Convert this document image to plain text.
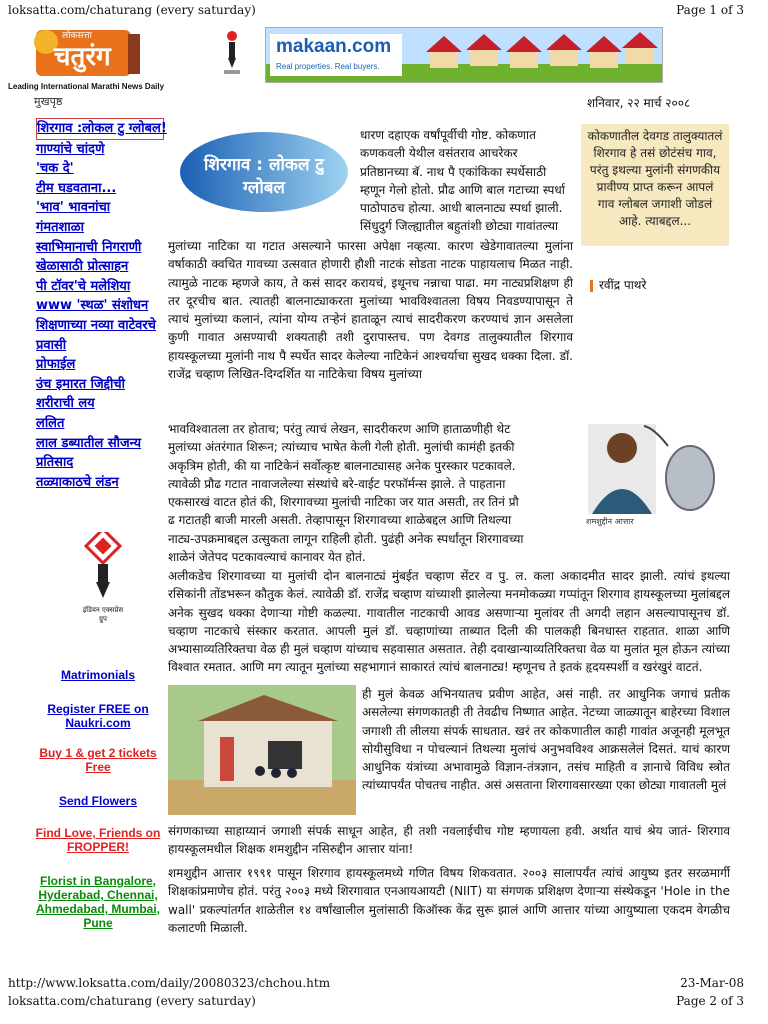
loksatta.com/chaturang (every saturday)	Page 1 of 3
लोकसत्ता
चतुरंग
Leading International Marathi News Daily
मुखपृष्ठ
makaan.com
Real properties. Real buyers.
शनिवार, २२ मार्च २००८
शिरगाव :लोकल टु ग्लोबल!
गाण्यांचे चांदणे
'चक दे'
टीम घडवताना...
'भाव' भावनांचा
गंमतशाळा
स्वाभिमानाची निगराणी
खेळासाठी प्रोत्साहन
पी टॉवर'चे मलेशिया
www 'स्थळ' संशोधन
शिक्षणाच्या नव्या वाटेवरचे
प्रवासी
प्रोफाईल
उंच इमारत जिद्दीची
शरीराची लय
ललित
लाल डब्यातील सौजन्य
प्रतिसाद
तळ्याकाठचे लंडन
इंडियन एक्सप्रेस ग्रुप
Matrimonials
Register FREE on Naukri.com
Buy 1 & get 2 tickets Free
Send Flowers
Find Love, Friends on FROPPER!
Florist in Bangalore, Hyderabad, Chennai, Ahmedabad, Mumbai, Pune
शिरगाव : लोकल टु ग्लोबल
कोकणातील देवगड तालुक्यातलं शिरगाव हे तसं छोटंसंच गाव, परंतु इथल्या मुलांनी संगणकीय प्रावीण्य प्राप्त करून आपलं गाव ग्लोबल जगाशी जोडलं आहे. त्याबद्दल...
रवींद्र पाथरे
धारण दहाएक वर्षांपूर्वीची गोष्ट. कोकणात
कणकवली येथील वसंतराव आचरेकर
प्रतिष्ठानच्या बॅ. नाथ पै एकांकिका स्पर्धेसाठी
म्हणून गेलो होतो. प्रौढ आणि बाल गटाच्या स्पर्धा
पाठोपाठच होत्या. आधी बालनाट्य स्पर्धा झाली.
सिंधुदुर्ग जिल्ह्यातील बहुतांशी छोट्या गावांतल्या
मुलांच्या नाटिका या गटात असल्याने फारसा अपेक्षा नव्हत्या. कारण खेडेगावातल्या मुलांना वर्षाकाठी क्वचित गावच्या उत्सवात होणारी हौशी नाटकं सोडता नाटक पाहायलाच मिळत नाही. त्यामुळे नाटक म्हणजे काय, ते कसं सादर करायचं, इथूनच नन्नाचा पाढा. मग नाट्यप्रशिक्षण ही तर दूरचीच बात. त्यातही बालनाट्याकरता मुलांच्या भावविश्वातला विषय निवडण्यापासून ते त्याचं मुलांच्या कलानं, त्यांना योग्य तऱ्हेनं हाताळून त्याचं सादरीकरण करण्याचं ज्ञान असलेला कुणी गावात असण्याची शक्यताही तशी दुरापास्तच. पण देवगड तालुक्यातील शिरगाव हायस्कूलच्या मुलांनी नाथ पै स्पर्धेत सादर केलेल्या नाटिकेनं आश्चर्याचा सुखद धक्का दिला. डॉ. राजेंद्र चव्हाण लिखित-दिग्दर्शित या नाटिकेचा विषय मुलांच्या
शमशुद्दीन आत्तार
भावविश्वातला तर होताच; परंतु त्याचं लेखन, सादरीकरण आणि हाताळणीही थेट
मुलांच्या अंतरंगात शिरून; त्यांच्याच भाषेत केली गेली होती. मुलांची कामंही इतकी
अकृत्रिम होती, की या नाटिकेनं सर्वोत्कृष्ट बालनाट्यासह अनेक पुरस्कार पटकावले.
त्यावेळी प्रौढ गटात नावाजलेल्या संस्थांचे बरे-वाईट परफॉर्मन्स झाले. ते पाहताना
एकसारखं वाटत होतं की, शिरगावच्या मुलांची नाटिका जर यात असती, तर तिनं प्रौ
ढ गटातही बाजी मारली असती. तेव्हापासून शिरगावच्या शाळेबद्दल आणि तिथल्या
नाट्य-उपक्रमाबद्दल उत्सुकता लागून राहिली होती. पुढंही अनेक स्पर्धांतून शिरगावच्या
शाळेनं जेतेपद पटकावल्याचं कानावर येत होतं.
अलीकडेच शिरगावच्या या मुलांची दोन बालनाट्यं मुंबईत चव्हाण सेंटर व पु. ल. कला अकादमीत सादर झाली. त्यांचं इथल्या रसिकांनी तोंडभरून कौतुक केलं. त्यावेळी डॉ. राजेंद्र चव्हाण यांच्याशी झालेल्या मनमोकळ्या गप्पांतून शिरगाव हायस्कूलच्या मुलांबद्दल अनेक सुखद धक्का देणाऱ्या गोष्टी कळल्या. गावातील नाटकाची आवड असणाऱ्या मुलांवर ती अगदी लहान असल्यापासूनच डॉ. चव्हाण नाटकाचे संस्कार करतात. आपली मुलं डॉ. चव्हाणांच्या ताब्यात दिली की पालकही बिनधास्त राहतात. शाळा आणि अभ्यासाव्यतिरिक्तचा वेळ ही मुलं चव्हाण यांच्याच सहवासात असतात. तेही दवाखान्याव्यतिरिक्तचा वेळ या मुलांत मूल होऊन त्यांच्या विश्वात रमतात. आणि मग त्यातून मुलांच्या सहभागानं साकारतं त्यांचं बालनाट्य! म्हणूनच ते इतकं हृदयस्पर्शी व खरंखुरं वाटतं.
ही मुलं केवळ अभिनयातच प्रवीण आहेत, असं नाही. तर आधुनिक जगाचं प्रतीक असलेल्या संगणकातही ती तेवढीच निष्णात आहेत. नेटच्या जाळ्यातून बाहेरच्या विशाल जगाशी ती लीलया संपर्क साधतात. खरं तर कोकणातील काही गावांत अजूनही मूलभूत सोयीसुविधा न पोचल्यानं तिथल्या मुलांचं अनुभवविश्व आक्रसलेलं दिसतं. याचं कारण आधुनिक यंत्रांच्या अभावामुळे विज्ञान-तंत्रज्ञान, तसंच माहिती व ज्ञानाचे विविध स्त्रोत त्यांच्यापर्यंत पोचतच नाहीत. असं असताना शिरगावसारख्या एका छोट्या गावातली मुलं
संगणकाच्या साहाय्यानं जगाशी संपर्क साधून आहेत, ही तशी नवलाईचीच गोष्ट म्हणायला हवी. अर्थात याचं श्रेय जातं- शिरगाव हायस्कूलमधील शिक्षक शमशुद्दीन नसिरुद्दीन आत्तार यांना!
शमशुद्दीन आत्तार १९९१ पासून शिरगाव हायस्कूलमध्ये गणित विषय शिकवतात. २००३ सालापर्यंत त्यांचं आयुष्य इतर सरळमार्गी शिक्षकांप्रमाणेच होतं. परंतु २००३ मध्ये शिरगावात एनआयआयटी (NIIT) या संगणक प्रशिक्षण देणाऱ्या संस्थेकडून 'Hole in the wall' प्रकल्पांतर्गत शाळेतील १४ वर्षांखालील मुलांसाठी किऑस्क केंद्र सुरू झालं आणि आत्तार यांच्या आयुष्याला एकदम वेगळीच कलाटणी मिळाली.
http://www.loksatta.com/daily/20080323/chchou.htm	23-Mar-08
loksatta.com/chaturang (every saturday)	Page 2 of 3
